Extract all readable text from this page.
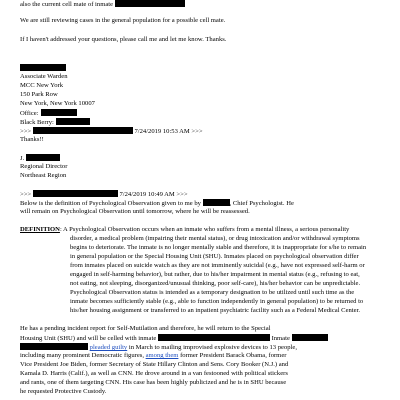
also the current cell mate of inmate
We are still reviewing cases in the general population for a possible cell mate.
If I haven't addressed your questions, please call me and let me know. Thanks.
Associate Warden
MCC New York
150 Park Row
New York, New York 10007
Office:
Black Berry:
>>>	7/24/2019 10:53 AM >>>
Thanks!!
J.
Regional Director
Northeast Region
>>>	7/24/2019 10:49 AM >>>
Below is the definition of Psychological Observation given to me by	, Chief Psychologist. He
will remain on Psychological Observation until tomorrow, where he will be reassessed.
DEFINITION: A Psychological Observation occurs when an inmate who suffers from a mental illness, a serious personality
disorder, a medical problem (impairing their mental status), or drug intoxication and/or withdrawal symptoms
begins to deteriorate. The inmate is no longer mentally stable and therefore, it is inappropriate for s/he to remain
in general population or the Special Housing Unit (SHU). Inmates placed on psychological observation differ
from inmates placed on suicide watch as they are not imminently suicidal (e.g., have not expressed self-harm or
engaged in self-harming behavior), but rather, due to his/her impairment in mental status (e.g., refusing to eat,
not eating, not sleeping, disorganized/unusual thinking, poor self-care), his/her behavior can be unpredictable.
Psychological Observation status is intended as a temporary designation to be utilized until such time as the
inmate becomes sufficiently stable (e.g., able to function independently in general population) to be returned to
his/her housing assignment or transferred to an inpatient psychiatric facility such as a Federal Medical Center.
He has a pending incident report for Self-Mutilation and therefore, he will return to the Special
Housing Unit (SHU) and will be celled with inmate	Inmate
pleaded guilty in March to mailing improvised explosive devices to 13 people,
including many prominent Democratic figures, among them former President Barack Obama, former
Vice President Joe Biden, former Secretary of State Hillary Clinton and Sens. Cory Booker (N.J.) and
Kamala D. Harris (Calif.), as well as CNN. He drove around in a van festooned with political stickers
and rants, one of them targeting CNN. His case has been highly publicized and he is in SHU because
he requested Protective Custody.
